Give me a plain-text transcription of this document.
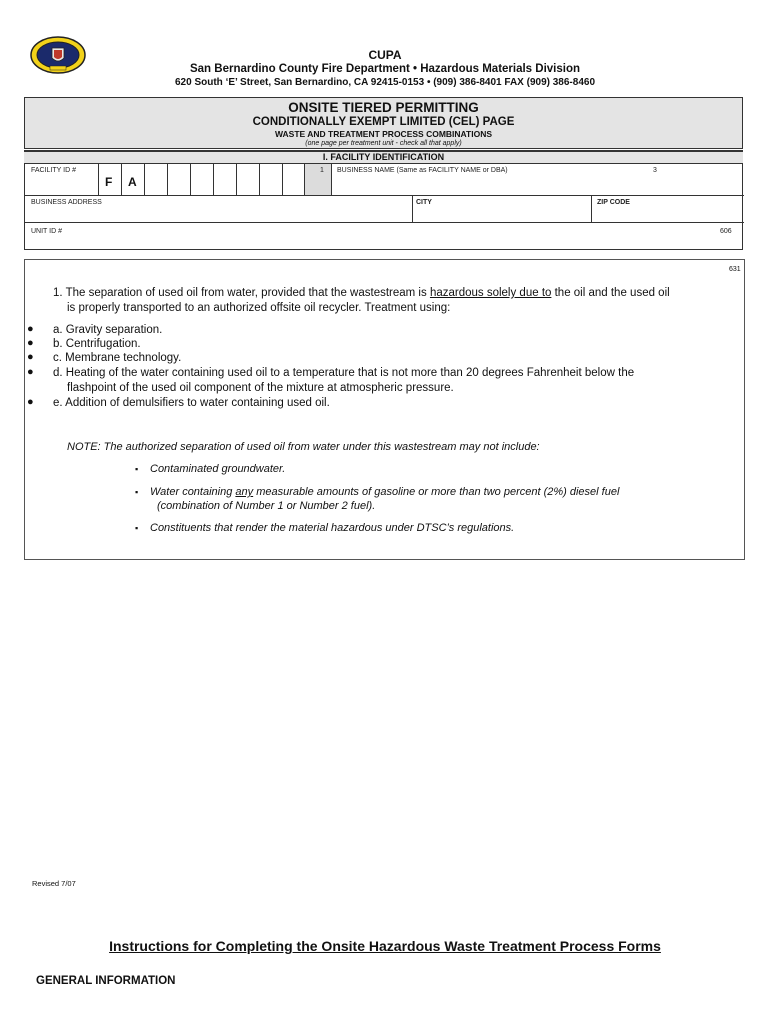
CUPA
San Bernardino County Fire Department • Hazardous Materials Division
620 South ‘E’ Street, San Bernardino, CA 92415-0153 • (909) 386-8401 FAX (909) 386-8460
ONSITE TIERED PERMITTING
CONDITIONALLY EXEMPT LIMITED (CEL) PAGE
WASTE AND TREATMENT PROCESS COMBINATIONS
(one page per treatment unit - check all that apply)
I. FACILITY IDENTIFICATION
FACILITY ID #
F A
1 BUSINESS NAME (Same as FACILITY NAME or DBA)	3
BUSINESS ADDRESS	CITY	ZIP CODE
UNIT ID #	606
631
1. The separation of used oil from water, provided that the wastestream is hazardous solely due to the oil and the used oil
is properly transported to an authorized offsite oil recycler. Treatment using:
● a. Gravity separation.
● b. Centrifugation.
● c. Membrane technology.
● d. Heating of the water containing used oil to a temperature that is not more than 20 degrees Fahrenheit below the
flashpoint of the used oil component of the mixture at atmospheric pressure.
● e. Addition of demulsifiers to water containing used oil.
NOTE: The authorized separation of used oil from water under this wastestream may not include:
▪ Contaminated groundwater.
▪ Water containing any measurable amounts of gasoline or more than two percent (2%) diesel fuel
(combination of Number 1 or Number 2 fuel).
▪ Constituents that render the material hazardous under DTSC’s regulations.
Revised 7/07
Instructions for Completing the Onsite Hazardous Waste Treatment Process Forms
GENERAL INFORMATION
